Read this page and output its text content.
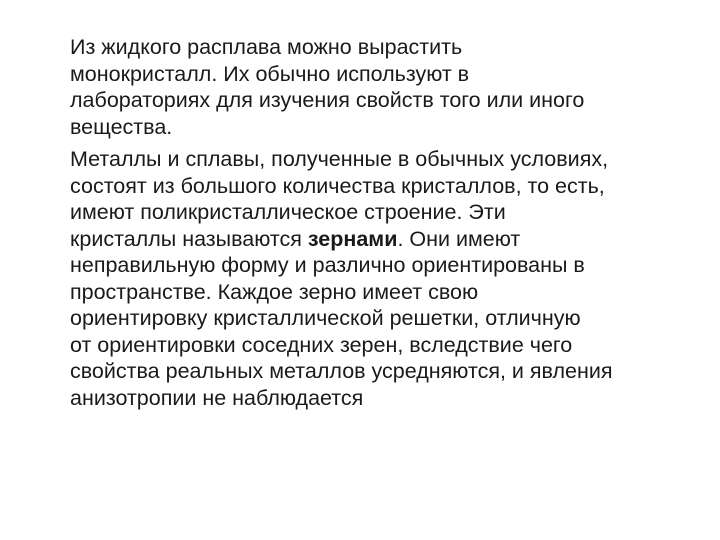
Из жидкого расплава можно вырастить
монокристалл. Их обычно используют в
лабораториях для изучения свойств того или иного
вещества.

Металлы и сплавы, полученные в обычных условиях,
состоят из большого количества кристаллов, то есть,
имеют поликристаллическое строение. Эти
кристаллы называются зернами. Они имеют
неправильную форму и различно ориентированы в
пространстве. Каждое зерно имеет свою
ориентировку кристаллической решетки, отличную
от ориентировки соседних зерен, вследствие чего
свойства реальных металлов усредняются, и явления
анизотропии не наблюдается
